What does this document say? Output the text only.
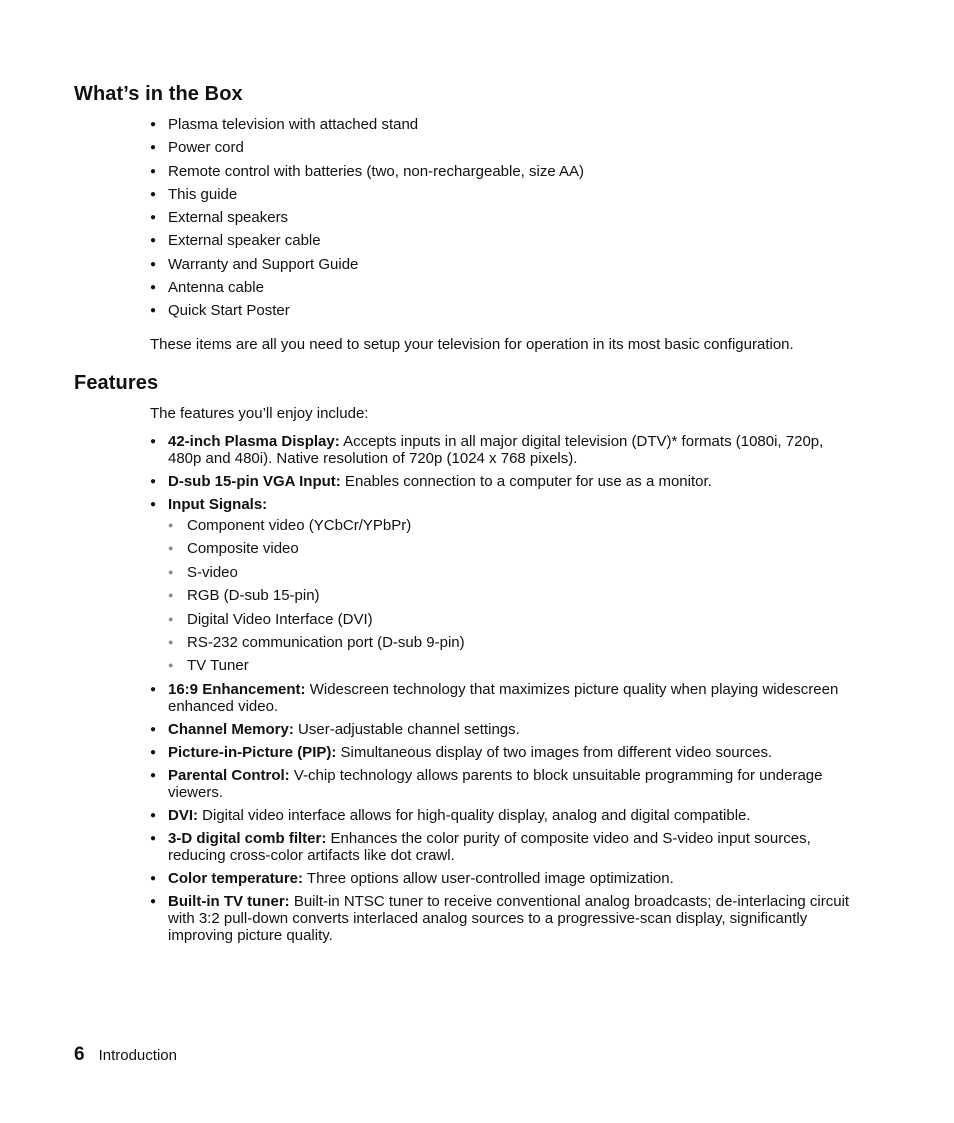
What’s in the Box
● Plasma television with attached stand
● Power cord
● Remote control with batteries (two, non-rechargeable, size AA)
● This guide
● External speakers
● External speaker cable
● Warranty and Support Guide
● Antenna cable
● Quick Start Poster

These items are all you need to setup your television for operation in its most basic configuration.

Features

The features you’ll enjoy include:

● 42-inch Plasma Display: Accepts inputs in all major digital television (DTV)* formats (1080i, 720p, 480p and 480i). Native resolution of 720p (1024 x 768 pixels).
● D-sub 15-pin VGA Input: Enables connection to a computer for use as a monitor.
● Input Signals:
● Component video (YCbCr/YPbPr)
● Composite video
● S-video
● RGB (D-sub 15-pin)
● Digital Video Interface (DVI)
● RS-232 communication port (D-sub 9-pin)
● TV Tuner
● 16:9 Enhancement: Widescreen technology that maximizes picture quality when playing widescreen enhanced video.
● Channel Memory: User-adjustable channel settings.
● Picture-in-Picture (PIP): Simultaneous display of two images from different video sources.
● Parental Control: V-chip technology allows parents to block unsuitable programming for underage viewers.
● DVI: Digital video interface allows for high-quality display, analog and digital compatible.
● 3-D digital comb filter: Enhances the color purity of composite video and S-video input sources, reducing cross-color artifacts like dot crawl.
● Color temperature: Three options allow user-controlled image optimization.
● Built-in TV tuner: Built-in NTSC tuner to receive conventional analog broadcasts; de-interlacing circuit with 3:2 pull-down converts interlaced analog sources to a progressive-scan display, significantly improving picture quality.
6 Introduction
